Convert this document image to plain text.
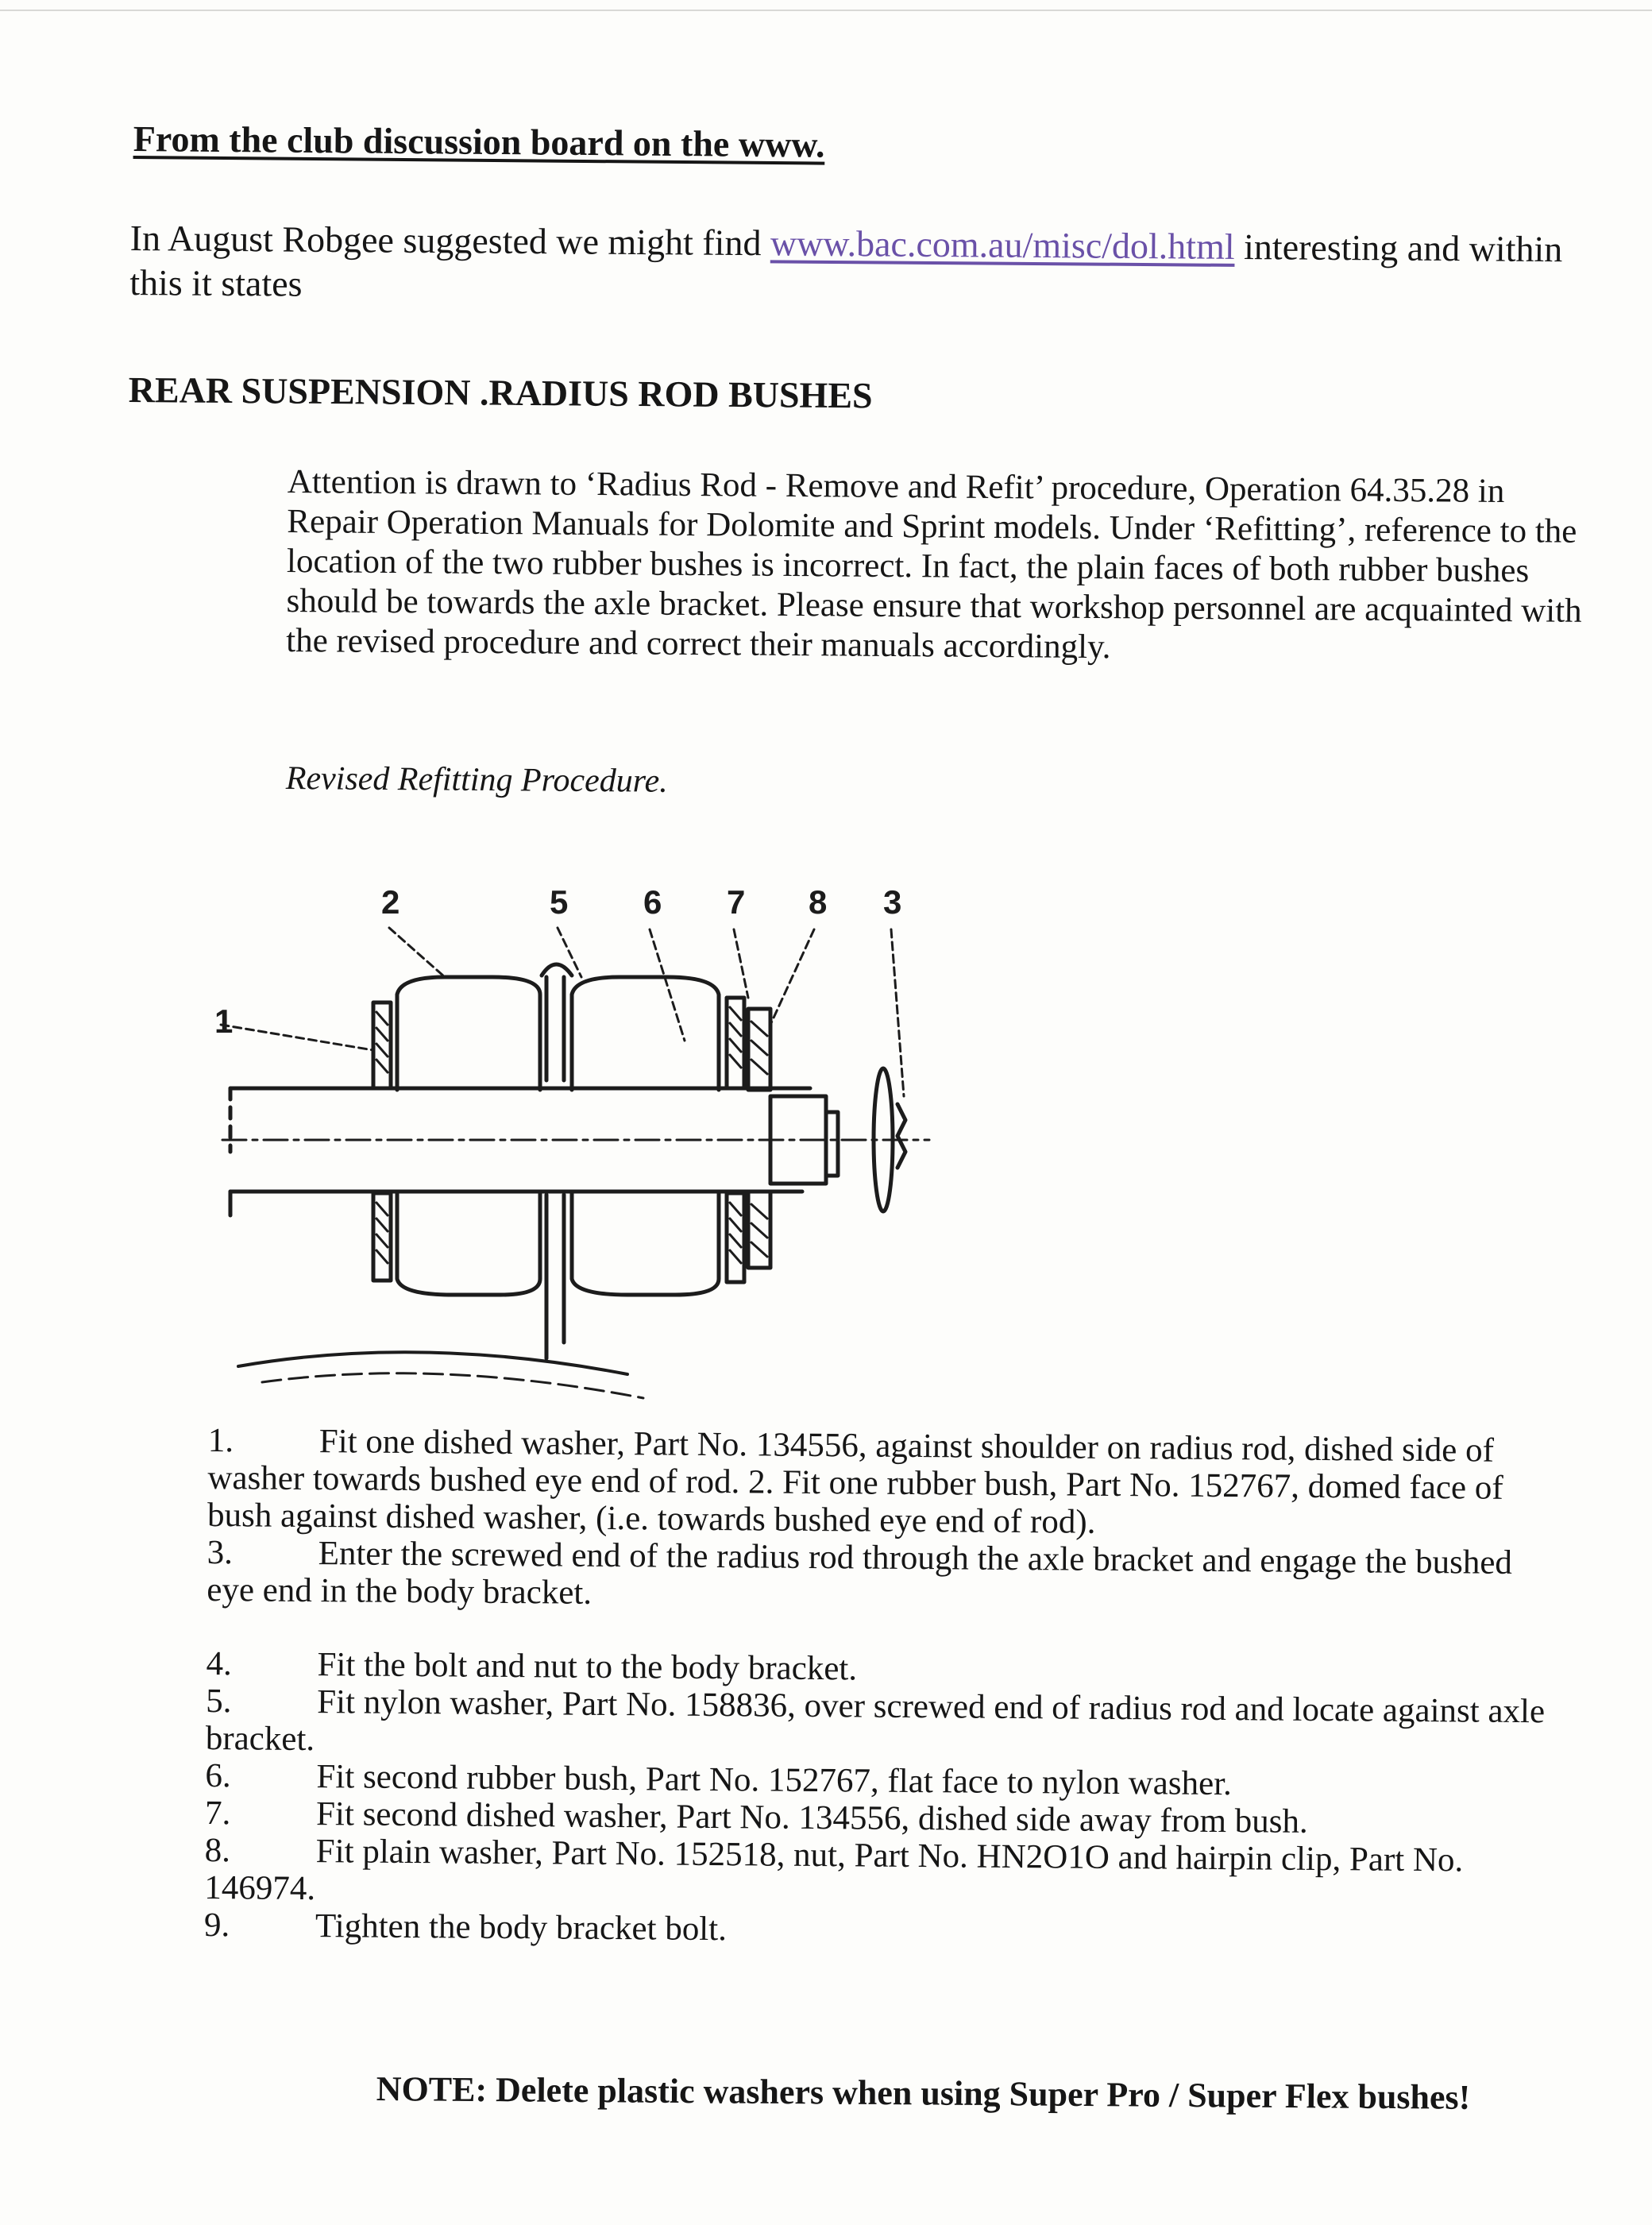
From the club discussion board on the www.
In August Robgee suggested we might find www.bac.com.au/misc/dol.html interesting and within this it states
REAR SUSPENSION .RADIUS ROD BUSHES
Attention is drawn to ‘Radius Rod - Remove and Refit’ procedure, Operation 64.35.28 in Repair Operation Manuals for Dolomite and Sprint models. Under ‘Refitting’, reference to the location of the two rubber bushes is incorrect. In fact, the plain faces of both rubber bushes should be towards the axle bracket. Please ensure that workshop personnel are acquainted with the revised procedure and correct their manuals accordingly.
Revised Refitting Procedure.
1
2	5 6 7 8 3

1. Fit one dished washer, Part No. 134556, against shoulder on radius rod, dished side of washer towards bushed eye end of rod. 2. Fit one rubber bush, Part No. 152767, domed face of bush against dished washer, (i.e. towards bushed eye end of rod).

3. Enter the screwed end of the radius rod through the axle bracket and engage the bushed eye end in the body bracket.

4. Fit the bolt and nut to the body bracket.

5. Fit nylon washer, Part No. 158836, over screwed end of radius rod and locate against axle bracket.

6. Fit second rubber bush, Part No. 152767, flat face to nylon washer.

7. Fit second dished washer, Part No. 134556, dished side away from bush.

8. Fit plain washer, Part No. 152518, nut, Part No. HN2O1O and hairpin clip, Part No. 146974.

9. Tighten the body bracket bolt.

NOTE: Delete plastic washers when using Super Pro / Super Flex bushes!
